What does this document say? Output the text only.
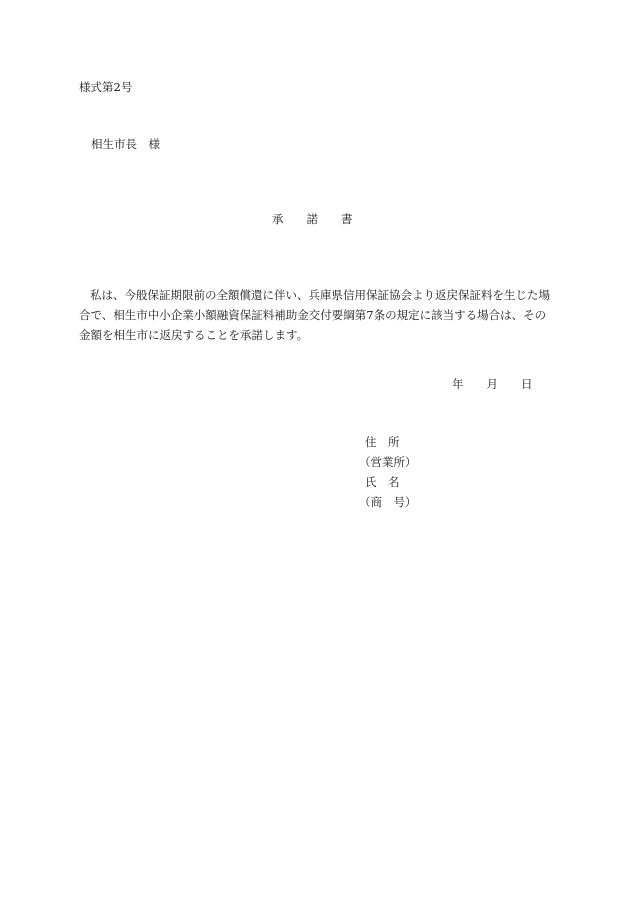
様式第2号
相生市長　様
承　　諾　　書

私は、今般保証期限前の全額償還に伴い、兵庫県信用保証協会より返戻保証料を生じた場合で、相生市中小企業小額融資保証料補助金交付要綱第7条の規定に該当する場合は、その金額を相生市に返戻することを承諾します。

年　　月　　日
住　所
（営業所）
氏　名
（商　号）
